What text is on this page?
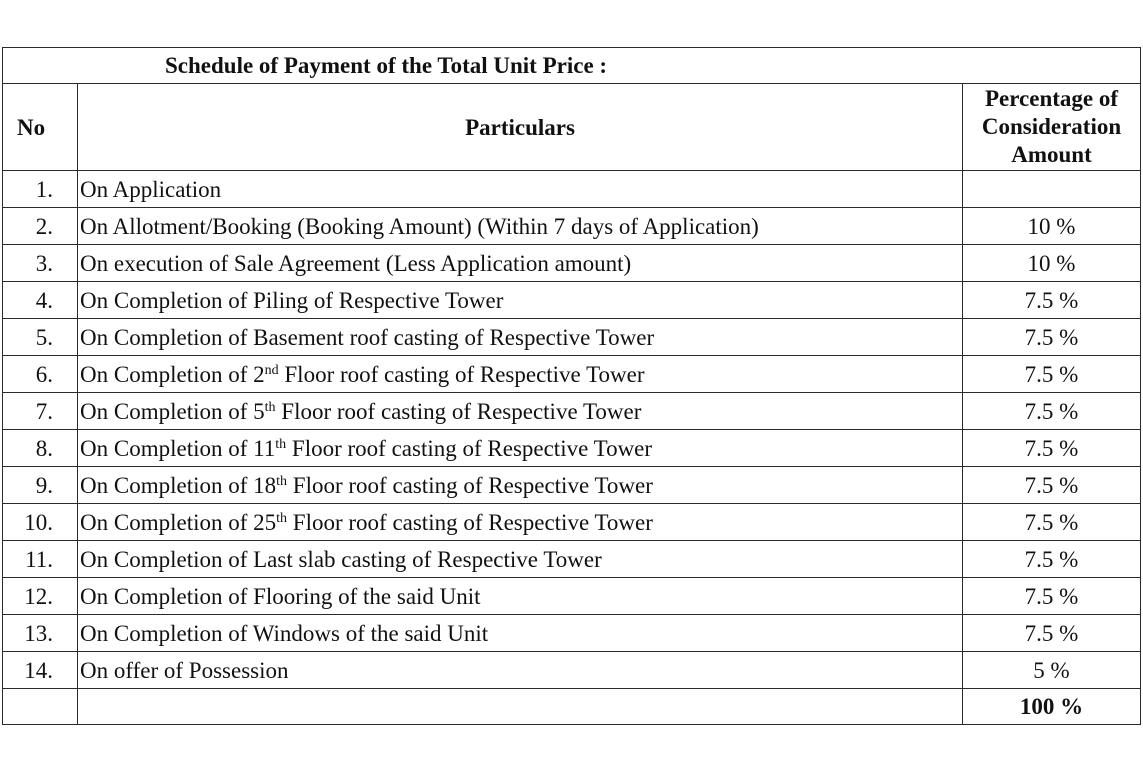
Schedule of Payment of the Total Unit Price :		
No	Particulars	Percentage of
Consideration
Amount
1.	On Application	
2.	On Allotment/Booking (Booking Amount) (Within 7 days of Application)	10 %
3.	On execution of Sale Agreement (Less Application amount)	10 %
4.	On Completion of Piling of Respective Tower	7.5 %
5.	On Completion of Basement roof casting of Respective Tower	7.5 %
6.	On Completion of 2nd Floor roof casting of Respective Tower	7.5 %
7.	On Completion of 5th Floor roof casting of Respective Tower	7.5 %
8.	On Completion of 11th Floor roof casting of Respective Tower	7.5 %
9.	On Completion of 18th Floor roof casting of Respective Tower	7.5 %
10.	On Completion of 25th Floor roof casting of Respective Tower	7.5 %
11.	On Completion of Last slab casting of Respective Tower	7.5 %
12.	On Completion of Flooring of the said Unit	7.5 %
13.	On Completion of Windows of the said Unit	7.5 %
14.	On offer of Possession	5 %
		100 %
